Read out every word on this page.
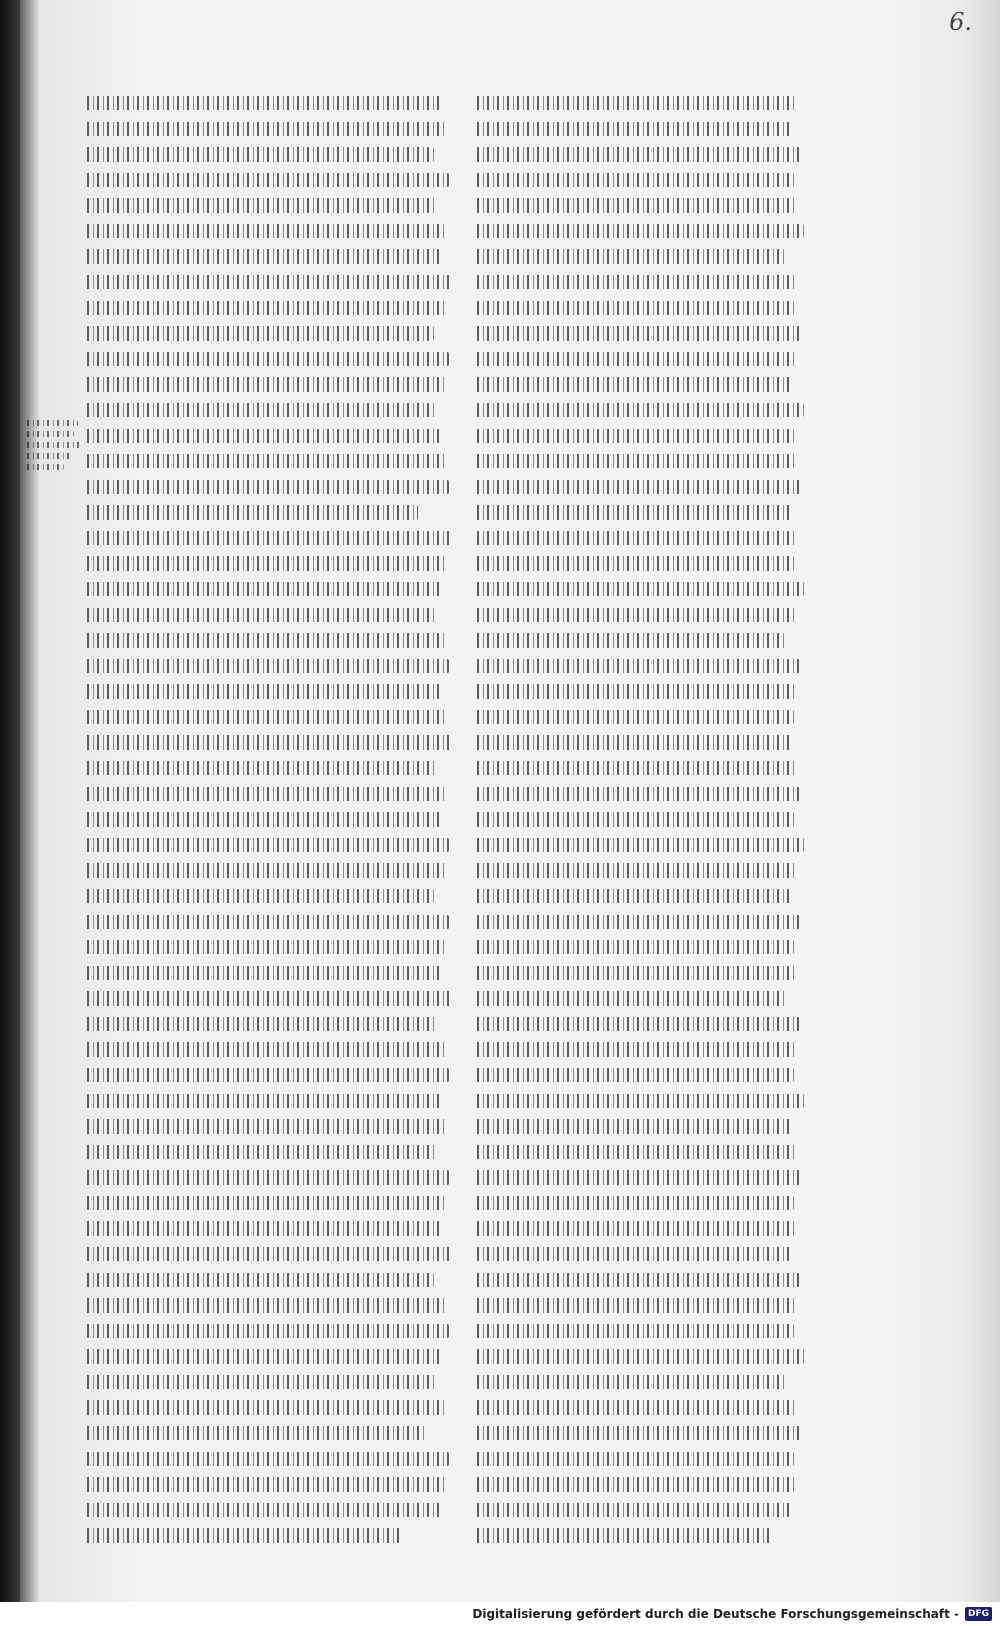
6.
Digitalisierung gefördert durch die Deutsche Forschungsgemeinschaft -	DFG
